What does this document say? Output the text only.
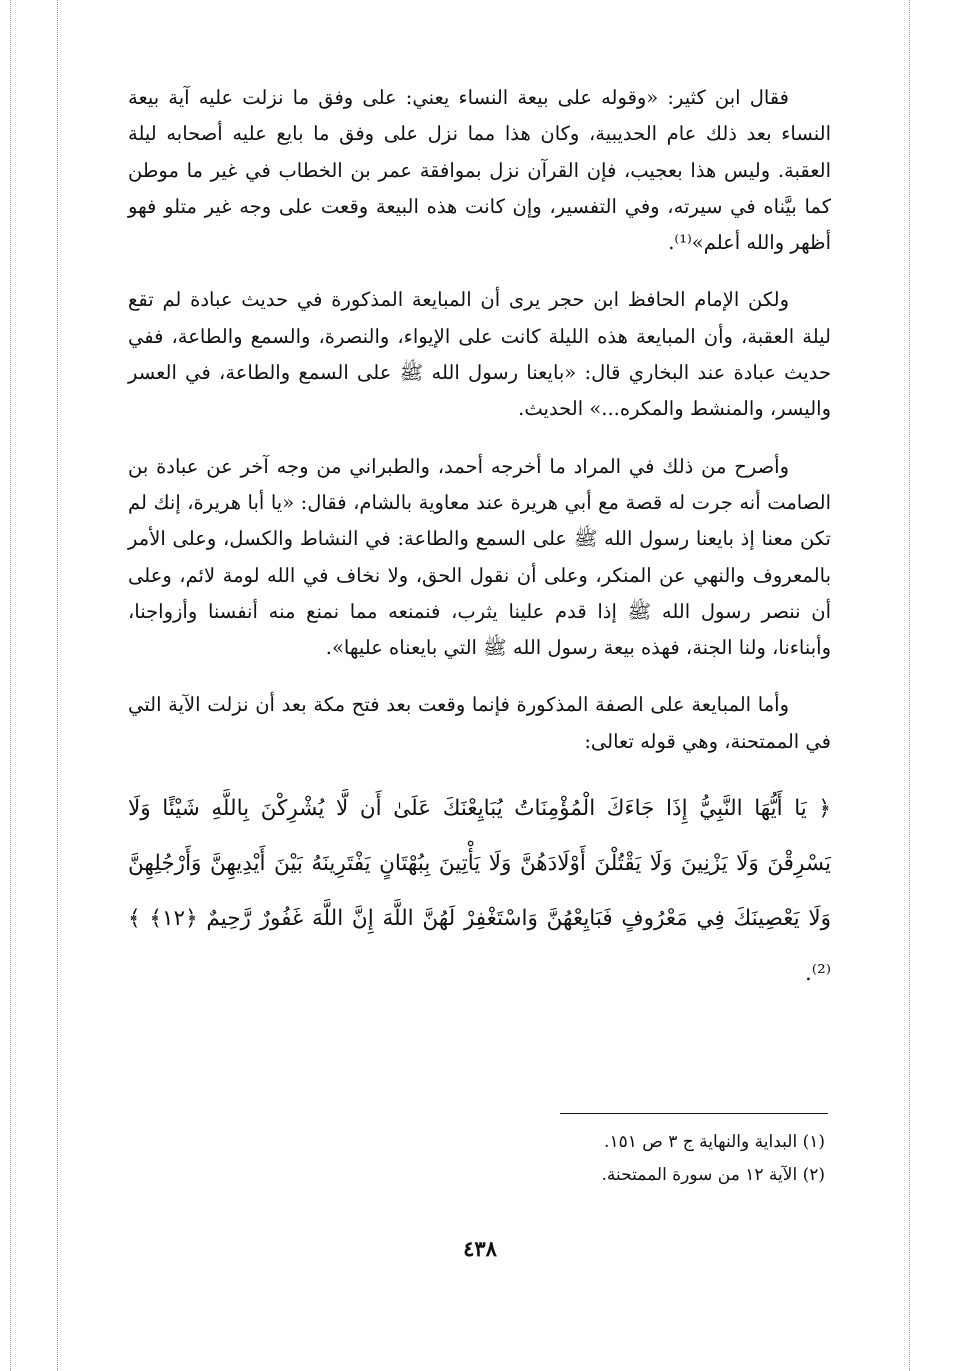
فقال ابن كثير: «وقوله على بيعة النساء يعني: على وفق ما نزلت عليه آية بيعة النساء بعد ذلك عام الحديبية، وكان هذا مما نزل على وفق ما بايع عليه أصحابه ليلة العقبة. وليس هذا بعجيب، فإن القرآن نزل بموافقة عمر بن الخطاب في غير ما موطن كما بيَّناه في سيرته، وفي التفسير، وإن كانت هذه البيعة وقعت على وجه غير متلو فهو أظهر والله أعلم»⁽¹⁾.

ولكن الإمام الحافظ ابن حجر يرى أن المبايعة المذكورة في حديث عبادة لم تقع ليلة العقبة، وأن المبايعة هذه الليلة كانت على الإيواء، والنصرة، والسمع والطاعة، ففي حديث عبادة عند البخاري قال: «بايعنا رسول الله ﷺ على السمع والطاعة، في العسر واليسر، والمنشط والمكره...» الحديث.

وأصرح من ذلك في المراد ما أخرجه أحمد، والطبراني من وجه آخر عن عبادة بن الصامت أنه جرت له قصة مع أبي هريرة عند معاوية بالشام، فقال: «يا أبا هريرة، إنك لم تكن معنا إذ بايعنا رسول الله ﷺ على السمع والطاعة: في النشاط والكسل، وعلى الأمر بالمعروف والنهي عن المنكر، وعلى أن نقول الحق، ولا نخاف في الله لومة لائم، وعلى أن ننصر رسول الله ﷺ إذا قدم علينا يثرب، فنمنعه مما نمنع منه أنفسنا وأزواجنا، وأبناءنا، ولنا الجنة، فهذه بيعة رسول الله ﷺ التي بايعناه عليها».

وأما المبايعة على الصفة المذكورة فإنما وقعت بعد فتح مكة بعد أن نزلت الآية التي في الممتحنة، وهي قوله تعالى:

﴿ يَا أَيُّهَا النَّبِيُّ إِذَا جَاءَكَ الْمُؤْمِنَاتُ يُبَايِعْنَكَ عَلَىٰ أَن لَّا يُشْرِكْنَ بِاللَّهِ شَيْئًا وَلَا يَسْرِقْنَ وَلَا يَزْنِينَ وَلَا يَقْتُلْنَ أَوْلَادَهُنَّ وَلَا يَأْتِينَ بِبُهْتَانٍ يَفْتَرِينَهُ بَيْنَ أَيْدِيهِنَّ وَأَرْجُلِهِنَّ وَلَا يَعْصِينَكَ فِي مَعْرُوفٍ فَبَايِعْهُنَّ وَاسْتَغْفِرْ لَهُنَّ اللَّهَ إِنَّ اللَّهَ غَفُورٌ رَّحِيمٌ ﴿١٢﴾ ﴾⁽²⁾.

(١) البداية والنهاية ج ٣ ص ١٥١.
(٢) الآية ١٢ من سورة الممتحنة.
٤٣٨
